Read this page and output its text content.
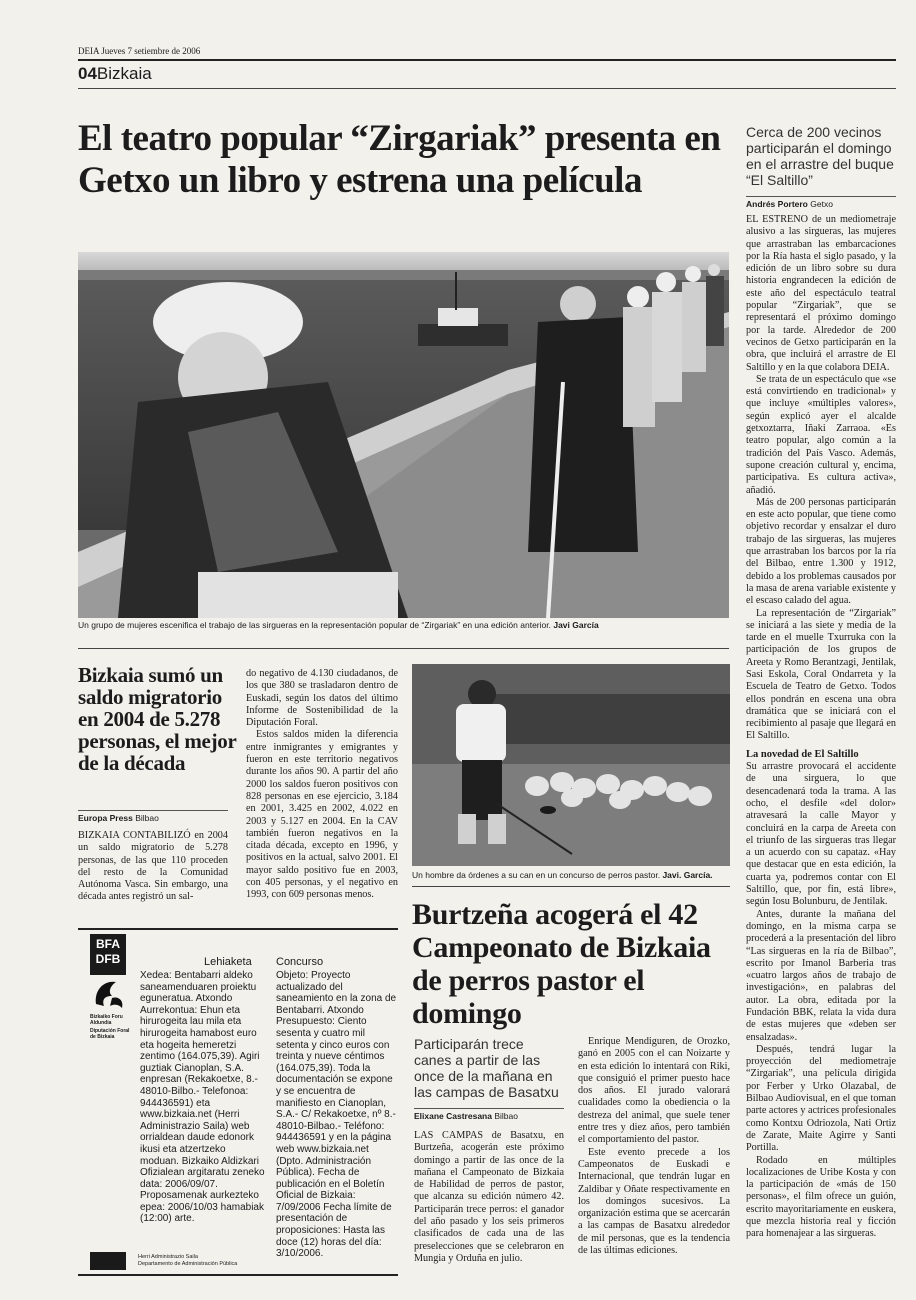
DEIA Jueves 7 setiembre de 2006
04Bizkaia
El teatro popular “Zirgariak” presenta en Getxo un libro y estrena una película
Cerca de 200 vecinos participarán el domingo en el arrastre del buque “El Saltillo”
Andrés Portero Getxo

EL ESTRENO de un mediometraje alusivo a las sirgueras, las mujeres que arrastraban las embarcaciones por la Ría hasta el siglo pasado, y la edición de un libro sobre su dura historia engrandecen la edición de este año del espectáculo teatral popular “Zirgariak”, que se representará el próximo domingo por la tarde. Alrededor de 200 vecinos de Getxo participarán en la obra, que incluirá el arrastre de El Saltillo y en la que colabora DEIA.

Se trata de un espectáculo que «se está convirtiendo en tradicional» y que incluye «múltiples valores», según explicó ayer el alcalde getxoztarra, Iñaki Zarraoa. «Es teatro popular, algo común a la tradición del País Vasco. Además, supone creación cultural y, encima, participativa. Es cultura activa», añadió.

Más de 200 personas participarán en este acto popular, que tiene como objetivo recordar y ensalzar el duro trabajo de las sirgueras, las mujeres que arrastraban los barcos por la ría del Bilbao, entre 1.300 y 1912, debido a los problemas causados por la masa de arena variable existente y el escaso calado del agua.

La representación de “Zirgariak” se iniciará a las siete y media de la tarde en el muelle Txurruka con la participación de los grupos de Areeta y Romo Berantzagi, Jentilak, Sasi Eskola, Coral Ondarreta y la Escuela de Teatro de Getxo. Todos ellos pondrán en escena una obra dramática que se iniciará con el recibimiento al pasaje que llegará en El Saltillo.

La novedad de El Saltillo

Su arrastre provocará el accidente de una sirguera, lo que desencadenará toda la trama. A las ocho, el desfile «del dolor» atravesará la calle Mayor y concluirá en la carpa de Areeta con el triunfo de las sirgueras tras llegar a un acuerdo con su capataz. «Hay que destacar que en esta edición, la cuarta ya, podremos contar con El Saltillo, que, por fin, está libre», según Iosu Bolunburu, de Jentilak.

Antes, durante la mañana del domingo, en la misma carpa se procederá a la presentación del libro “Las sirgueras en la ría de Bilbao”, escrito por Imanol Barberia tras «cuatro largos años de trabajo de investigación», en palabras del autor. La obra, editada por la Fundación BBK, relata la vida dura de estas mujeres que «deben ser ensalzadas».

Después, tendrá lugar la proyección del mediometraje “Zirgariak”, una película dirigida por Ferber y Urko Olazabal, de Bilbao Audiovisual, en el que toman parte actores y actrices profesionales como Kontxu Odriozola, Nati Ortiz de Zarate, Maite Agirre y Santi Portilla.

Rodado en múltiples localizaciones de Uribe Kosta y con la participación de «más de 150 personas», el film ofrece un guión, escrito mayoritariamente en euskera, que mezcla historia real y ficción para homenajear a las sirgueras.

Un grupo de mujeres escenifica el trabajo de las sirgueras en la representación popular de “Zirgariak” en una edición anterior. Javi García
Bizkaia sumó un saldo migratorio en 2004 de 5.278 personas, el mejor de la década
Europa Press Bilbao

BIZKAIA CONTABILIZÓ en 2004 un saldo migratorio de 5.278 personas, de las que 110 proceden del resto de la Comunidad Autónoma Vasca. Sin embargo, una década antes registró un sal-

do negativo de 4.130 ciudadanos, de los que 380 se trasladaron dentro de Euskadi, según los datos del último Informe de Sostenibilidad de la Diputación Foral.

Estos saldos miden la diferencia entre inmigrantes y emigrantes y fueron en este territorio negativos durante los años 90. A partir del año 2000 los saldos fueron positivos con 828 personas en ese ejercicio, 3.184 en 2001, 3.425 en 2002, 4.022 en 2003 y 5.127 en 2004. En la CAV también fueron negativos en la citada década, excepto en 1996, y positivos en la actual, salvo 2001. El mayor saldo positivo fue en 2003, con 405 personas, y el negativo en 1993, con 609 personas menos.

Un hombre da órdenes a su can en un concurso de perros pastor. Javi. García.
Burtzeña acogerá el 42 Campeonato de Bizkaia de perros pastor el domingo
Participarán trece canes a partir de las once de la mañana en las campas de Basatxu
Elixane Castresana Bilbao

LAS CAMPAS de Basatxu, en Burtzeña, acogerán este próximo domingo a partir de las once de la mañana el Campeonato de Bizkaia de Habilidad de perros de pastor, que alcanza su edición número 42. Participarán trece perros: el ganador del año pasado y los seis primeros clasificados de cada una de las preselecciones que se celebraron en Mungia y Orduña en julio.

Enrique Mendiguren, de Orozko, ganó en 2005 con el can Noizarte y en esta edición lo intentará con Riki, que consiguió el primer puesto hace dos años. El jurado valorará cualidades como la obediencia o la destreza del animal, que suele tener entre tres y diez años, pero también el comportamiento del pastor.

Este evento precede a los Campeonatos de Euskadi e Internacional, que tendrán lugar en Zaldibar y Oñate respectivamente en los domingos sucesivos. La organización estima que se acercarán a las campas de Basatxu alrededor de mil personas, que es la tendencia de las últimas ediciones.

BFA
DFB
Bizkaiko Foru Aldundia
Diputación Foral de Bizkaia
Lehiaketa
Xedea: Bentabarri aldeko saneamenduaren proiektu eguneratua. Atxondo Aurrekontua: Ehun eta hirurogeita lau mila eta hirurogeita hamabost euro eta hogeita hemeretzi zentimo (164.075,39). Agiri guztiak Cianoplan, S.A. enpresan (Rekakoetxe, 8.- 48010-Bilbo.- Telefonoa: 944436591) eta www.bizkaia.net (Herri Administrazio Saila) web orrialdean daude edonork ikusi eta atzertzeko moduan. Bizkaiko Aldizkari Ofizialean argitaratu zeneko data: 2006/09/07. Proposamenak aurkezteko epea: 2006/10/03 hamabiak (12:00) arte.
Concurso
Objeto: Proyecto actualizado del saneamiento en la zona de Bentabarri. Atxondo Presupuesto: Ciento sesenta y cuatro mil setenta y cinco euros con treinta y nueve céntimos (164.075,39). Toda la documentación se expone y se encuentra de manifiesto en Cianoplan, S.A.- C/ Rekakoetxe, nº 8.- 48010-Bilbao.- Teléfono: 944436591 y en la página web www.bizkaia.net (Dpto. Administración Pública). Fecha de publicación en el Boletín Oficial de Bizkaia: 7/09/2006 Fecha límite de presentación de proposiciones: Hasta las doce (12) horas del día: 3/10/2006.
Herri Administrazio Saila
Departamento de Administración Pública
